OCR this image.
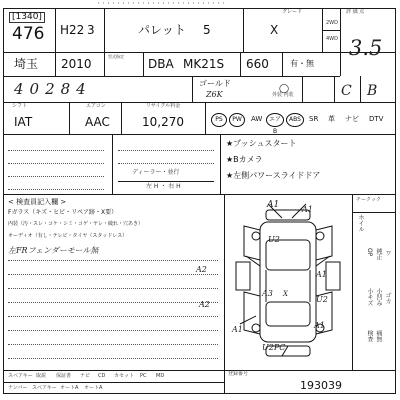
・・・・・・・・・・・・・・・・・・・・・・・・・・
[1340]
476 H22 3	パレット 5
グレード
X	2WD
4WD
評 価 点
3.5
埼玉 2010
型式指定
DBA MK21S 660	有・無
40284	ゴールド
Z6K	外装 内装
◯	C B
シフト	エアコン	リサイクル料金
IAT	AAC	10,270	PS	PW	AW	エアB
ABS	SR 革 ナビ DTV
ディーラー・並行
左 H ・ 右 H
★プッシュスタート
★Bカメラ
★左側パワースライドドア
< 検査員記入欄 >
Fガラス（キズ・ヒビ・リペア跡・X要）
内装（汚・スレ・コケ・シミ・コゲ・ヤレ・破れ・穴あき）
オーディオ（有し・テレビ・タイヤ（スタッドレス）
左FRフェンダーモール無
A1
U2
A1
A2
A2
A1
U2
A3 X
A1	A1
U2PC
チークック
ホイル
OP 純正 ワ
小キズ 小凹み ゴカ
検査 痛無
スペアキー 取説 保証書 ナビ CD カセット PC MD
ナンバー スペアキー オートA オートA
登録番号
193039
